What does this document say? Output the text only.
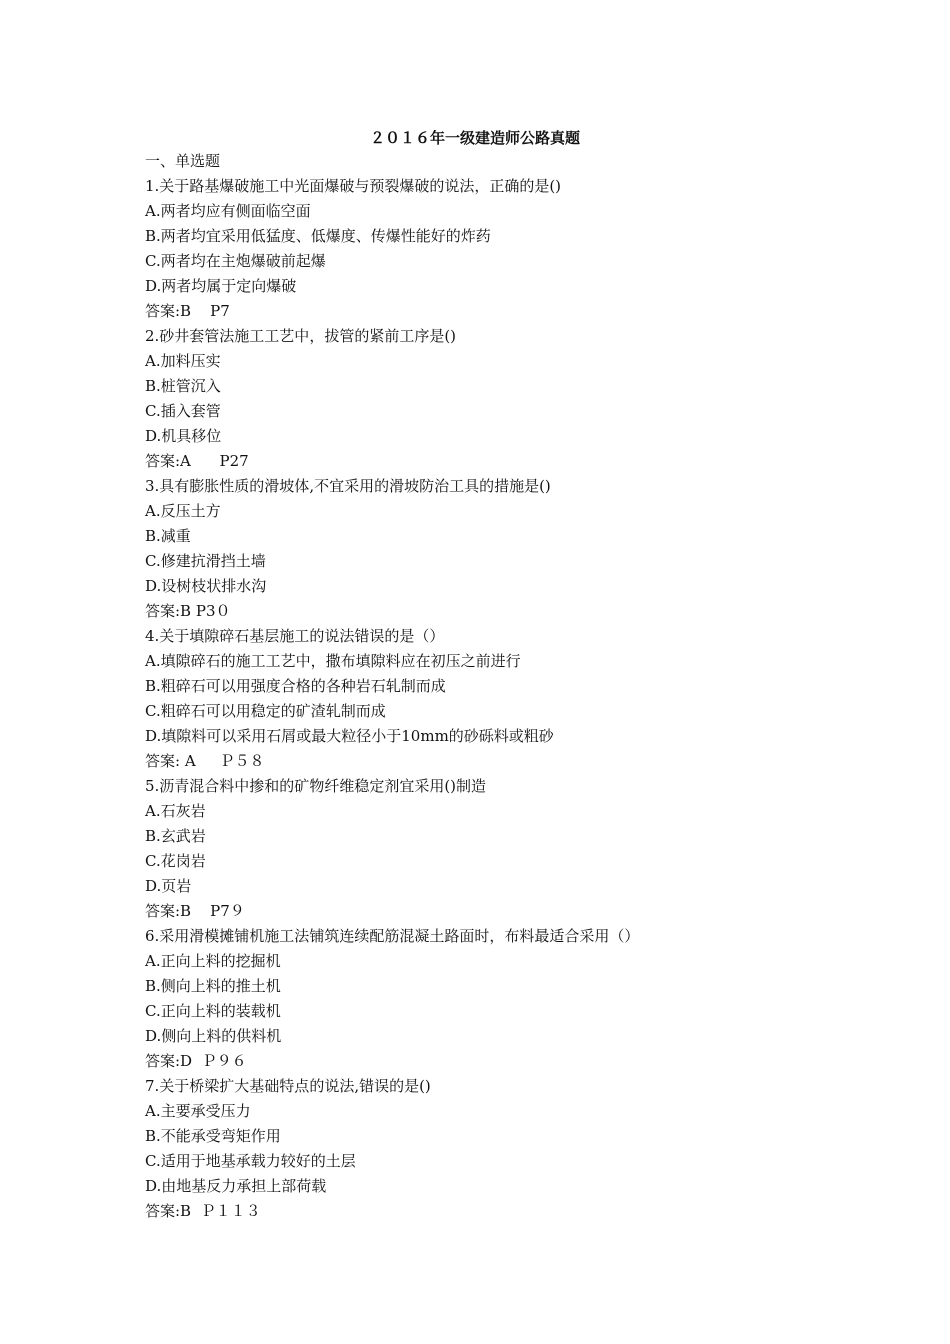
２０１６年一级建造师公路真题
一、单选题
1.关于路基爆破施工中光面爆破与预裂爆破的说法，正确的是()
A.两者均应有侧面临空面
B.两者均宜采用低猛度、低爆度、传爆性能好的炸药
C.两者均在主炮爆破前起爆
D.两者均属于定向爆破
答案:B    P7
2.砂井套管法施工工艺中，拔管的紧前工序是()
A.加料压实
B.桩管沉入
C.插入套管
D.机具移位
答案:A      P27
3.具有膨胀性质的滑坡体,不宜采用的滑坡防治工具的措施是()
A.反压土方
B.减重
C.修建抗滑挡土墙
D.设树枝状排水沟
答案:B P3０
4.关于填隙碎石基层施工的说法错误的是（）
A.填隙碎石的施工工艺中，撒布填隙料应在初压之前进行
B.粗碎石可以用强度合格的各种岩石轧制而成
C.粗碎石可以用稳定的矿渣轧制而成
D.填隙料可以采用石屑或最大粒径小于10mm的砂砾料或粗砂
答案: A     Ｐ５８
5.沥青混合料中掺和的矿物纤维稳定剂宜采用()制造
A.石灰岩
B.玄武岩
C.花岗岩
D.页岩
答案:B    P7９
6.采用滑模摊铺机施工法铺筑连续配筋混凝土路面时，布料最适合采用（）
A.正向上料的挖掘机
B.侧向上料的推土机
C.正向上料的装载机
D.侧向上料的供料机
答案:D  Ｐ９６
7.关于桥梁扩大基础特点的说法,错误的是()
A.主要承受压力
B.不能承受弯矩作用
C.适用于地基承载力较好的土层
D.由地基反力承担上部荷载
答案:B  Ｐ１１３
